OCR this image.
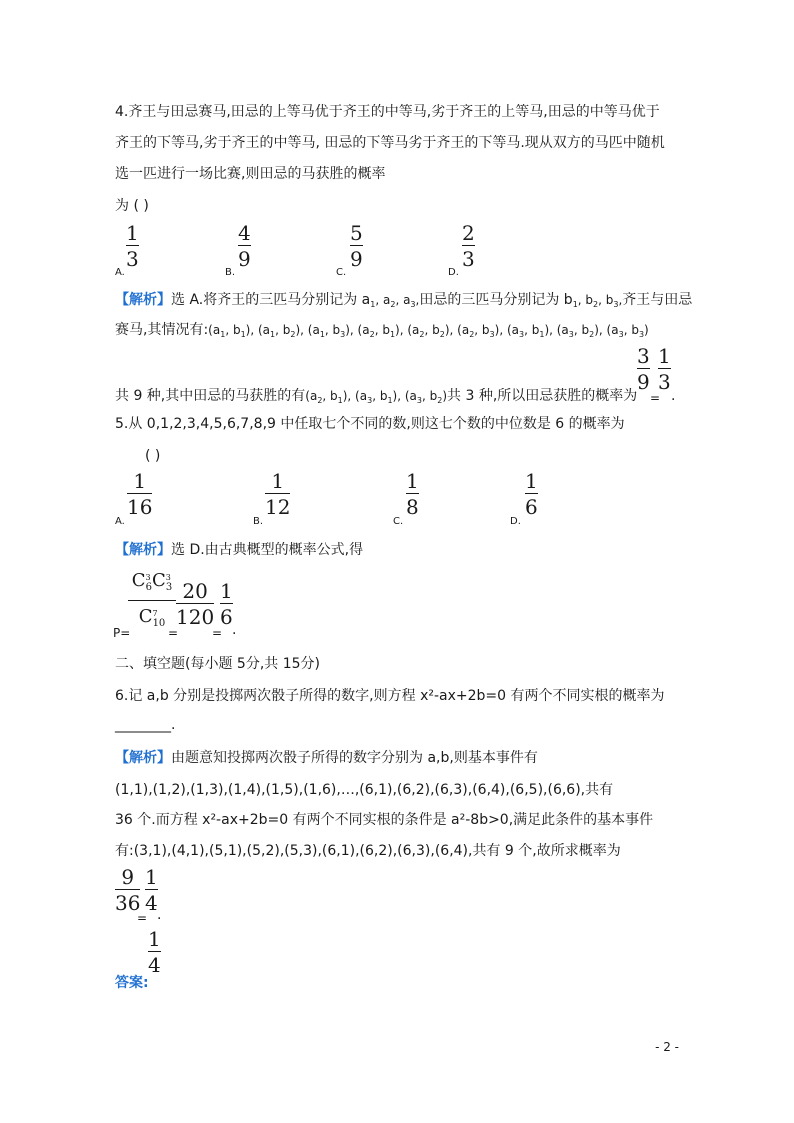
4.齐王与田忌赛马,田忌的上等马优于齐王的中等马,劣于齐王的上等马,田忌的中等马优于
齐王的下等马,劣于齐王的中等马, 田忌的下等马劣于齐王的下等马.现从双方的马匹中随机
选一匹进行一场比赛,则田忌的马获胜的概率
为 ( )
A.
1
3
B.
4
9
C.
5
9
D.
2
3
【解析】选 A.将齐王的三匹马分别记为 $a_1$, $a_2$, $a_3$,田忌的三匹马分别记为 $b_1$, $b_2$, $b_3$,齐王与田忌
赛马,其情况有$:(a_1$, $b_1$), ($a_1$, $b_2$), ($a_1$, $b_3$), ($a_2$, $b_1$), ($a_2$, $b_2$), ($a_2$, $b_3$), ($a_3$, $b_1$), ($a_3$, $b_2$), ($a_3$, $b_3$)
共 9 种,其中田忌的马获胜的有($a_2$, $b_1$), ($a_3$, $b_1$), ($a_3$, $b_2$)共 3 种,所以田忌获胜的概率为
3
9
=
1
3
.
5.从 0,1,2,3,4,5,6,7,8,9 中任取七个不同的数,则这七个数的中位数是 6 的概率为
( )
A.
1
16
B.
1
12
C.
1
8
D.
1
6
【解析】选 D.由古典概型的概率公式,得
P=
$C^3_6C^3_3$
$C^7_{10}$
=
20
120
=
1
6
.
二、填空题(每小题 5分,共 15分)
6.记 a,b 分别是投掷两次骰子所得的数字,则方程 x²-ax+2b=0 有两个不同实根的概率为
________.
【解析】由题意知投掷两次骰子所得的数字分别为 a,b,则基本事件有
(1,1),(1,2),(1,3),(1,4),(1,5),(1,6),…,(6,1),(6,2),(6,3),(6,4),(6,5),(6,6),共有
36 个.而方程 x²-ax+2b=0 有两个不同实根的条件是 a²-8b>0,满足此条件的基本事件
有:(3,1),(4,1),(5,1),(5,2),(5,3),(6,1),(6,2),(6,3),(6,4),共有 9 个,故所求概率为
9
36
=
1
4 .
答案:
1
4
- 2 -
